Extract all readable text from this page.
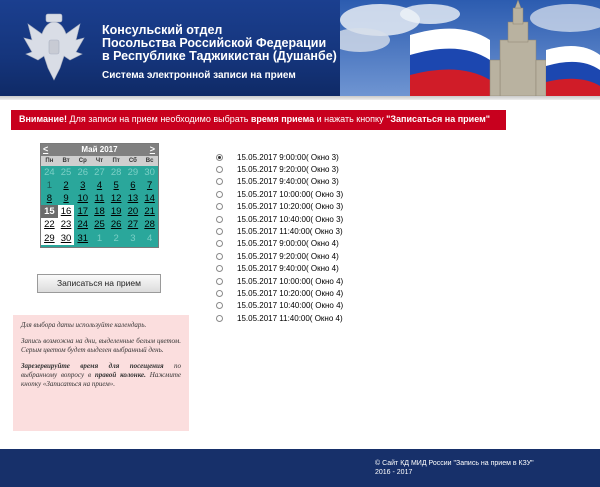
Консульский отдел
Посольства Российской Федерации
в Республике Таджикистан (Душанбе)
Система электронной записи на прием
Внимание! Для записи на прием необходимо выбрать время приема и нажать кнопку "Записаться на прием"
<	Май 2017	>
Пн	Вт	Ср	Чт	Пт	Сб	Вс
24	25	26	27	28	29	30
1	2	3	4	5	6	7
8	9	10	11	12	13	14
15	16	17	18	19	20	21
22	23	24	25	26	27	28
29	30	31	1	2	3	4
Записаться на прием

Для выбора даты используйте календарь.

Запись возможна на дни, выделенные белым цветом. Серым цветом будет выделен выбранный день.

Зарезервируйте время для посещения по выбранному вопросу в правой колонке. Нажмите кнопку «Записаться на прием».

15.05.2017 9:00:00( Окно 3)
15.05.2017 9:20:00( Окно 3)
15.05.2017 9:40:00( Окно 3)
15.05.2017 10:00:00( Окно 3)
15.05.2017 10:20:00( Окно 3)
15.05.2017 10:40:00( Окно 3)
15.05.2017 11:40:00( Окно 3)
15.05.2017 9:00:00( Окно 4)
15.05.2017 9:20:00( Окно 4)
15.05.2017 9:40:00( Окно 4)
15.05.2017 10:00:00( Окно 4)
15.05.2017 10:20:00( Окно 4)
15.05.2017 10:40:00( Окно 4)
15.05.2017 11:40:00( Окно 4)
© Сайт КД МИД России "Запись на прием в КЗУ"
2016 - 2017
